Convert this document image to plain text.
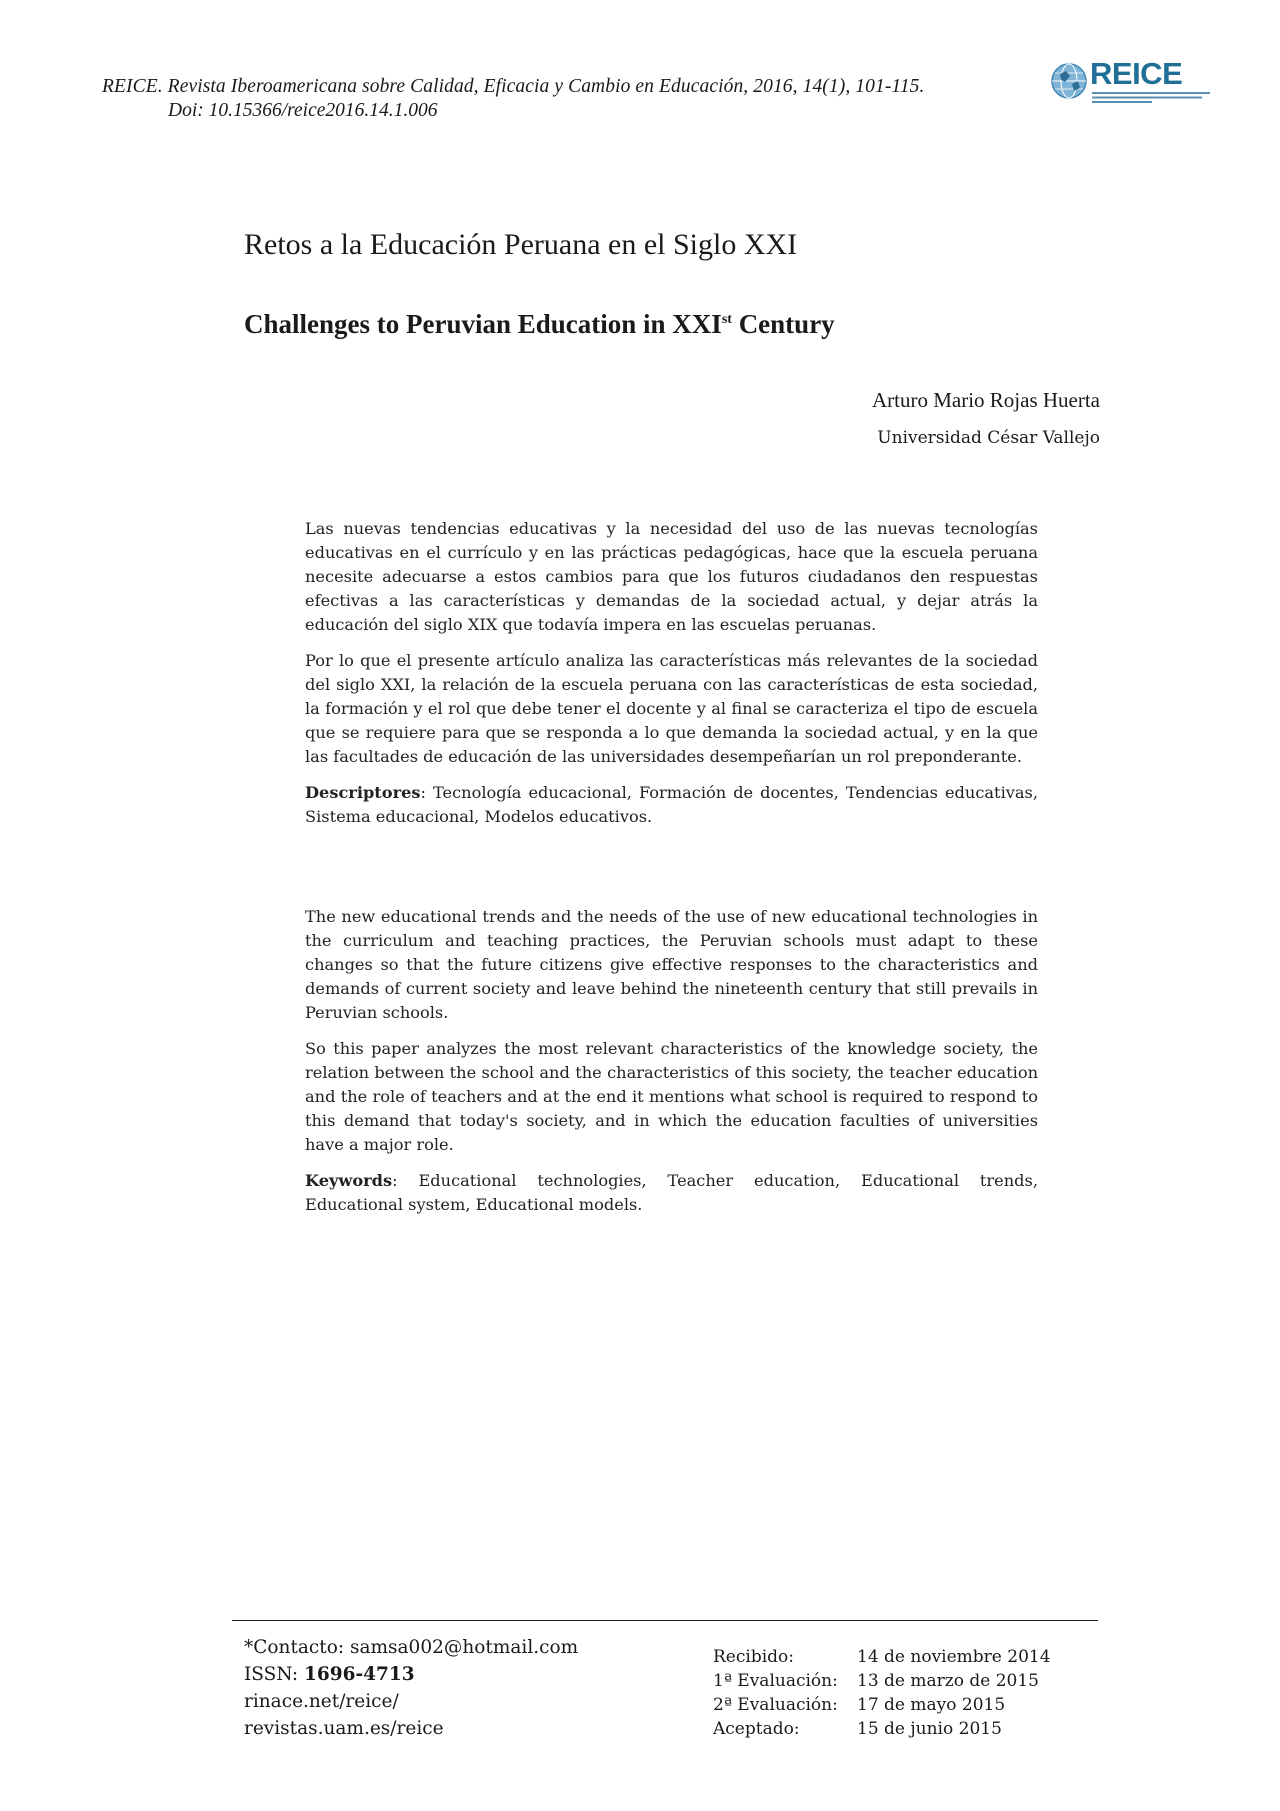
REICE. Revista Iberoamericana sobre Calidad, Eficacia y Cambio en Educación, 2016, 14(1), 101-115.
Doi: 10.15366/reice2016.14.1.006
REICE
Retos a la Educación Peruana en el Siglo XXI
Challenges to Peruvian Education in XXIst Century
Arturo Mario Rojas Huerta
Universidad César Vallejo

Las nuevas tendencias educativas y la necesidad del uso de las nuevas tecnologías educativas en el currículo y en las prácticas pedagógicas, hace que la escuela peruana necesite adecuarse a estos cambios para que los futuros ciudadanos den respuestas efectivas a las características y demandas de la sociedad actual, y dejar atrás la educación del siglo XIX que todavía impera en las escuelas peruanas.

Por lo que el presente artículo analiza las características más relevantes de la sociedad del siglo XXI, la relación de la escuela peruana con las características de esta sociedad, la formación y el rol que debe tener el docente y al final se caracteriza el tipo de escuela que se requiere para que se responda a lo que demanda la sociedad actual, y en la que las facultades de educación de las universidades desempeñarían un rol preponderante.

Descriptores: Tecnología educacional, Formación de docentes, Tendencias educativas, Sistema educacional, Modelos educativos.

The new educational trends and the needs of the use of new educational technologies in the curriculum and teaching practices, the Peruvian schools must adapt to these changes so that the future citizens give effective responses to the characteristics and demands of current society and leave behind the nineteenth century that still prevails in Peruvian schools.

So this paper analyzes the most relevant characteristics of the knowledge society, the relation between the school and the characteristics of this society, the teacher education and the role of teachers and at the end it mentions what school is required to respond to this demand that today's society, and in which the education faculties of universities have a major role.

Keywords: Educational technologies, Teacher education, Educational trends, Educational system, Educational models.

*Contacto: samsa002@hotmail.com
ISSN: 1696-4713
rinace.net/reice/
revistas.uam.es/reice
Recibido:	14 de noviembre 2014
1ª Evaluación:	13 de marzo de 2015
2ª Evaluación:	17 de mayo 2015
Aceptado:	15 de junio 2015
